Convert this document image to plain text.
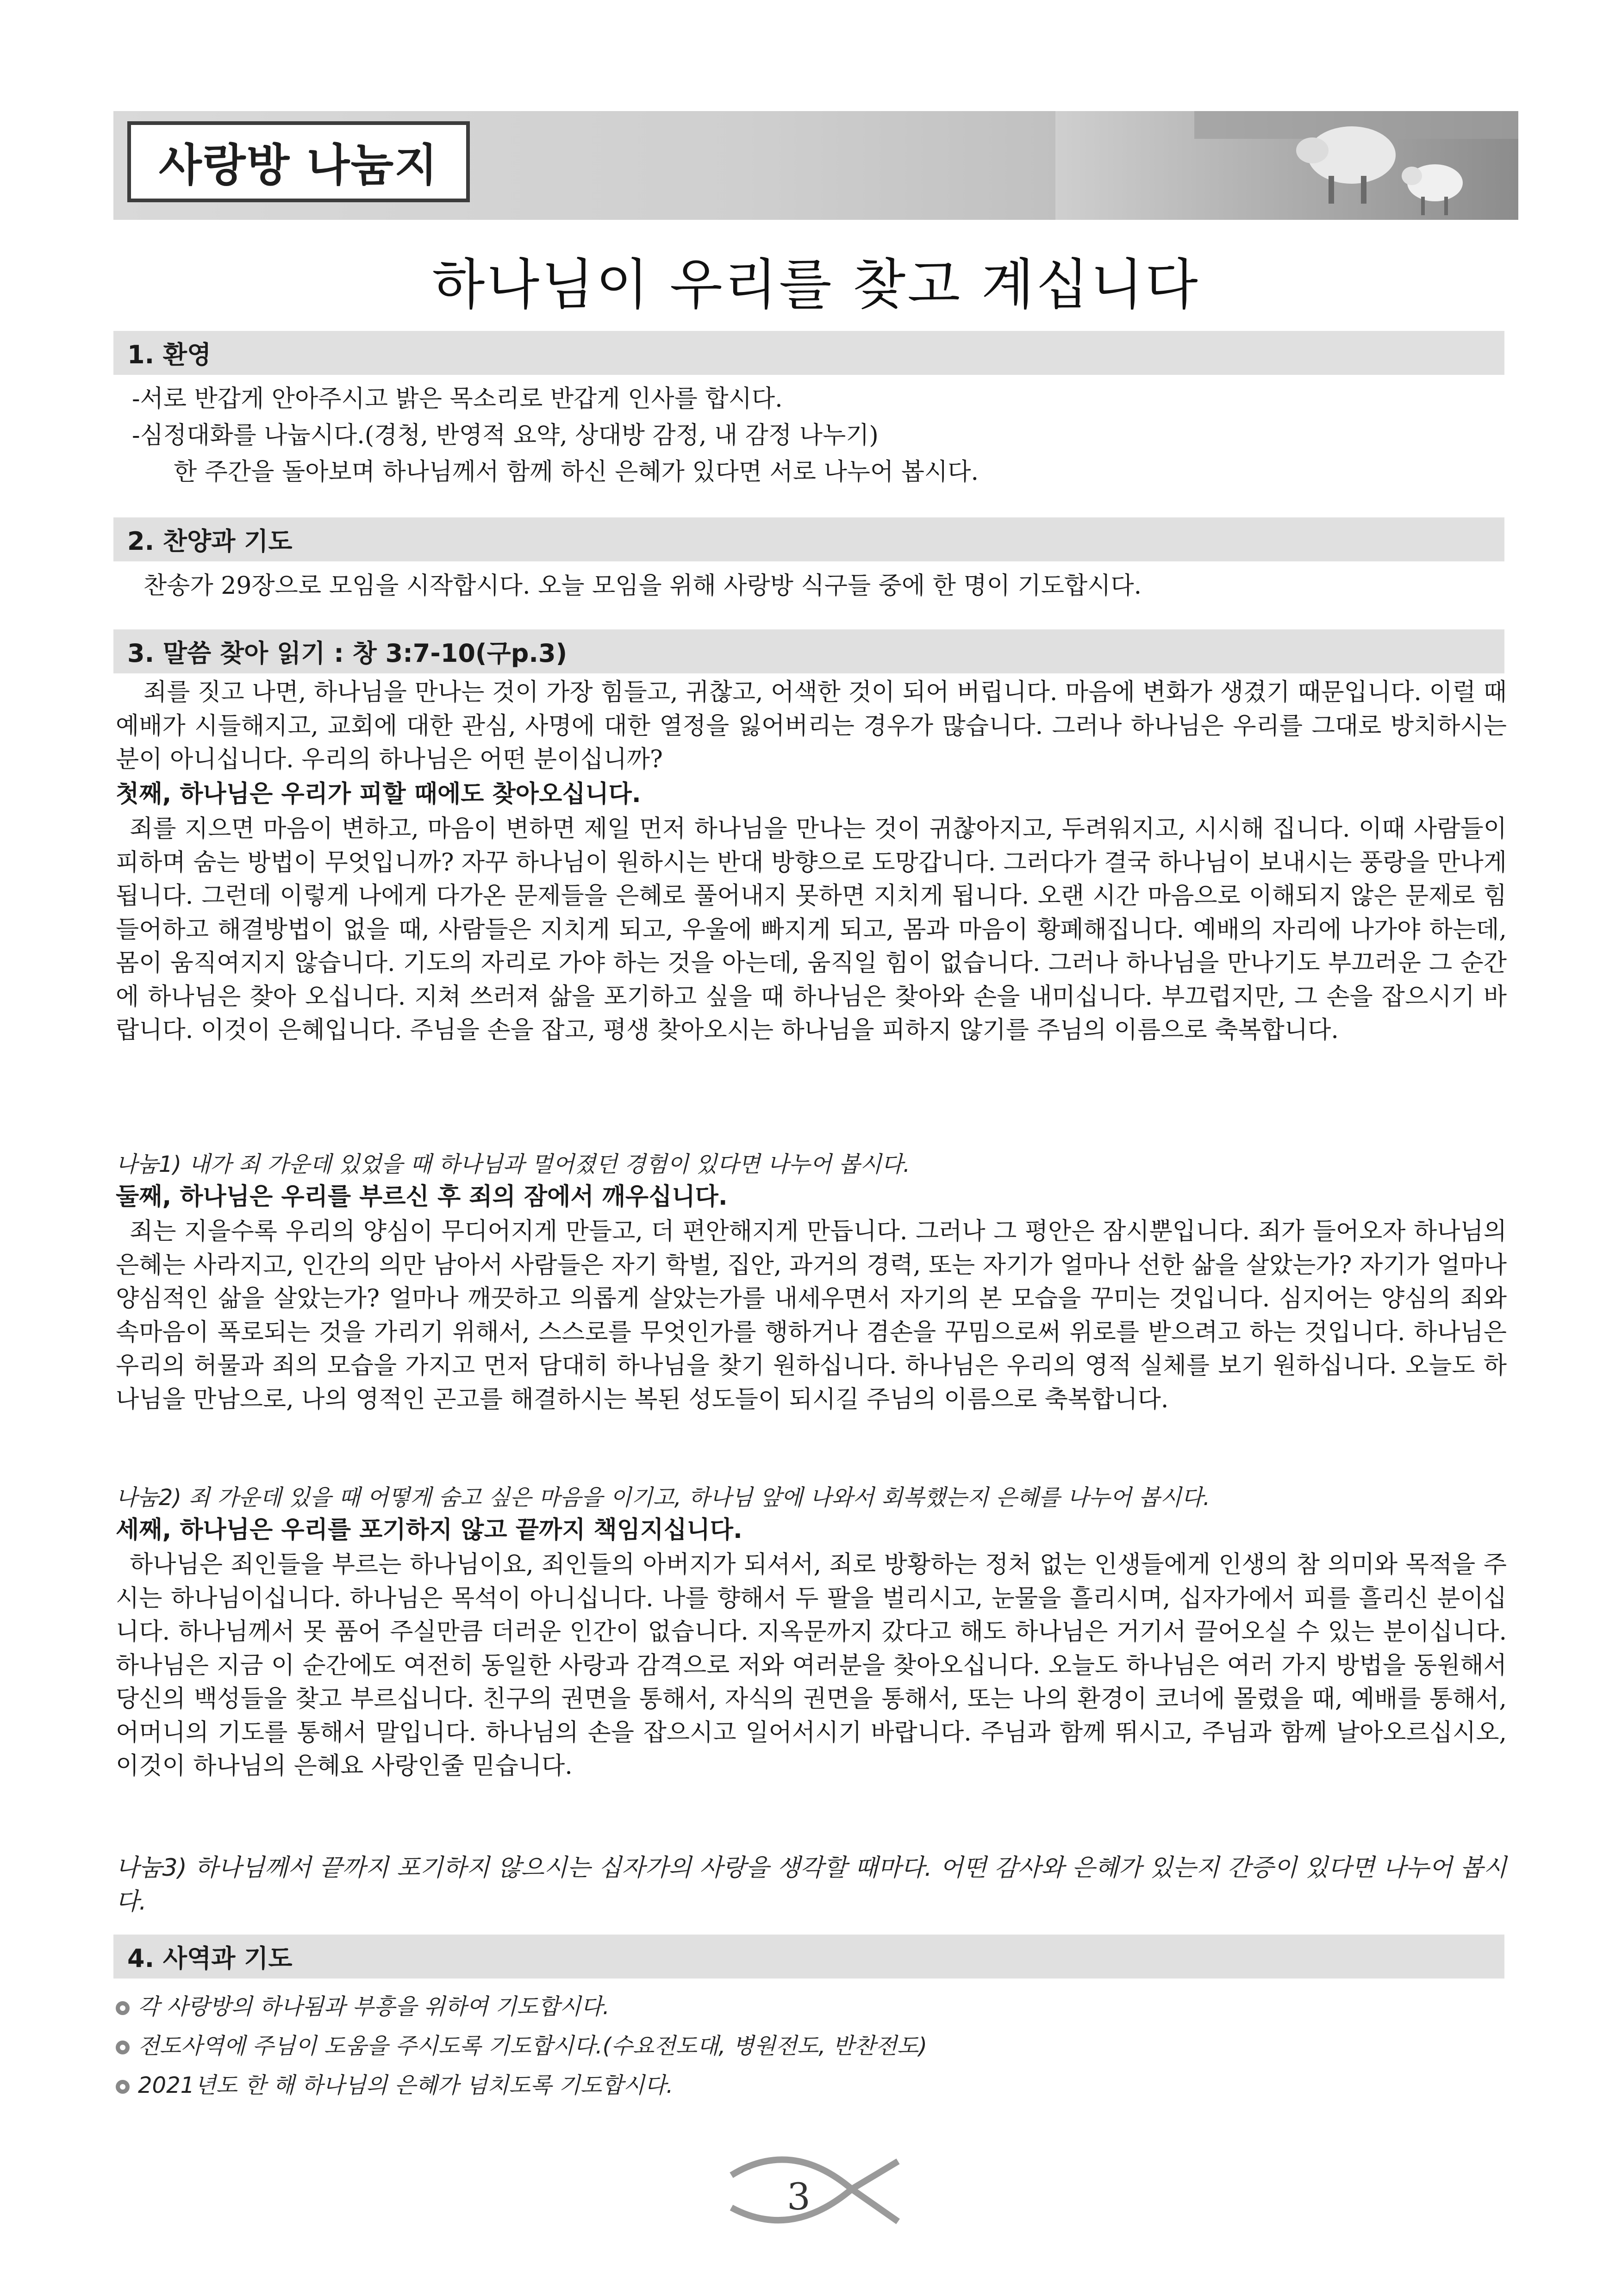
사랑방 나눔지
하나님이 우리를 찾고 계십니다
1. 환영
-서로 반갑게 안아주시고 밝은 목소리로 반갑게 인사를 합시다.
-심정대화를 나눕시다.(경청, 반영적 요약, 상대방 감정, 내 감정 나누기)
한 주간을 돌아보며 하나님께서 함께 하신 은혜가 있다면 서로 나누어 봅시다.
2. 찬양과 기도
찬송가 29장으로 모임을 시작합시다. 오늘 모임을 위해 사랑방 식구들 중에 한 명이 기도합시다.
3. 말씀 찾아 읽기 : 창 3:7-10(구p.3)
죄를 짓고 나면, 하나님을 만나는 것이 가장 힘들고, 귀찮고, 어색한 것이 되어 버립니다. 마음에 변화가 생겼기 때문입니다. 이럴 때 예배가 시들해지고, 교회에 대한 관심, 사명에 대한 열정을 잃어버리는 경우가 많습니다. 그러나 하나님은 우리를 그대로 방치하시는 분이 아니십니다. 우리의 하나님은 어떤 분이십니까?
첫째, 하나님은 우리가 피할 때에도 찾아오십니다.
죄를 지으면 마음이 변하고, 마음이 변하면 제일 먼저 하나님을 만나는 것이 귀찮아지고, 두려워지고, 시시해 집니다. 이때 사람들이 피하며 숨는 방법이 무엇입니까? 자꾸 하나님이 원하시는 반대 방향으로 도망갑니다. 그러다가 결국 하나님이 보내시는 풍랑을 만나게 됩니다. 그런데 이렇게 나에게 다가온 문제들을 은혜로 풀어내지 못하면 지치게 됩니다. 오랜 시간 마음으로 이해되지 않은 문제로 힘들어하고 해결방법이 없을 때, 사람들은 지치게 되고, 우울에 빠지게 되고, 몸과 마음이 황폐해집니다. 예배의 자리에 나가야 하는데, 몸이 움직여지지 않습니다. 기도의 자리로 가야 하는 것을 아는데, 움직일 힘이 없습니다. 그러나 하나님을 만나기도 부끄러운 그 순간에 하나님은 찾아 오십니다. 지쳐 쓰러져 삶을 포기하고 싶을 때 하나님은 찾아와 손을 내미십니다. 부끄럽지만, 그 손을 잡으시기 바랍니다. 이것이 은혜입니다. 주님을 손을 잡고, 평생 찾아오시는 하나님을 피하지 않기를 주님의 이름으로 축복합니다.
나눔1) 내가 죄 가운데 있었을 때 하나님과 멀어졌던 경험이 있다면 나누어 봅시다.
둘째, 하나님은 우리를 부르신 후 죄의 잠에서 깨우십니다.
죄는 지을수록 우리의 양심이 무디어지게 만들고, 더 편안해지게 만듭니다. 그러나 그 평안은 잠시뿐입니다. 죄가 들어오자 하나님의 은혜는 사라지고, 인간의 의만 남아서 사람들은 자기 학벌, 집안, 과거의 경력, 또는 자기가 얼마나 선한 삶을 살았는가? 자기가 얼마나 양심적인 삶을 살았는가? 얼마나 깨끗하고 의롭게 살았는가를 내세우면서 자기의 본 모습을 꾸미는 것입니다. 심지어는 양심의 죄와 속마음이 폭로되는 것을 가리기 위해서, 스스로를 무엇인가를 행하거나 겸손을 꾸밈으로써 위로를 받으려고 하는 것입니다. 하나님은 우리의 허물과 죄의 모습을 가지고 먼저 담대히 하나님을 찾기 원하십니다. 하나님은 우리의 영적 실체를 보기 원하십니다. 오늘도 하나님을 만남으로, 나의 영적인 곤고를 해결하시는 복된 성도들이 되시길 주님의 이름으로 축복합니다.
나눔2) 죄 가운데 있을 때 어떻게 숨고 싶은 마음을 이기고, 하나님 앞에 나와서 회복했는지 은혜를 나누어 봅시다.
세째, 하나님은 우리를 포기하지 않고 끝까지 책임지십니다.
하나님은 죄인들을 부르는 하나님이요, 죄인들의 아버지가 되셔서, 죄로 방황하는 정처 없는 인생들에게 인생의 참 의미와 목적을 주시는 하나님이십니다. 하나님은 목석이 아니십니다. 나를 향해서 두 팔을 벌리시고, 눈물을 흘리시며, 십자가에서 피를 흘리신 분이십니다. 하나님께서 못 품어 주실만큼 더러운 인간이 없습니다. 지옥문까지 갔다고 해도 하나님은 거기서 끌어오실 수 있는 분이십니다. 하나님은 지금 이 순간에도 여전히 동일한 사랑과 감격으로 저와 여러분을 찾아오십니다. 오늘도 하나님은 여러 가지 방법을 동원해서 당신의 백성들을 찾고 부르십니다. 친구의 권면을 통해서, 자식의 권면을 통해서, 또는 나의 환경이 코너에 몰렸을 때, 예배를 통해서, 어머니의 기도를 통해서 말입니다. 하나님의 손을 잡으시고 일어서시기 바랍니다. 주님과 함께 뛰시고, 주님과 함께 날아오르십시오, 이것이 하나님의 은혜요 사랑인줄 믿습니다.
나눔3) 하나님께서 끝까지 포기하지 않으시는 십자가의 사랑을 생각할 때마다. 어떤 감사와 은혜가 있는지 간증이 있다면 나누어 봅시다.
4. 사역과 기도
각 사랑방의 하나됨과 부흥을 위하여 기도합시다.
전도사역에 주님이 도움을 주시도록 기도합시다.(수요전도대, 병원전도, 반찬전도)
2021년도 한 해 하나님의 은혜가 넘치도록 기도합시다.
3
